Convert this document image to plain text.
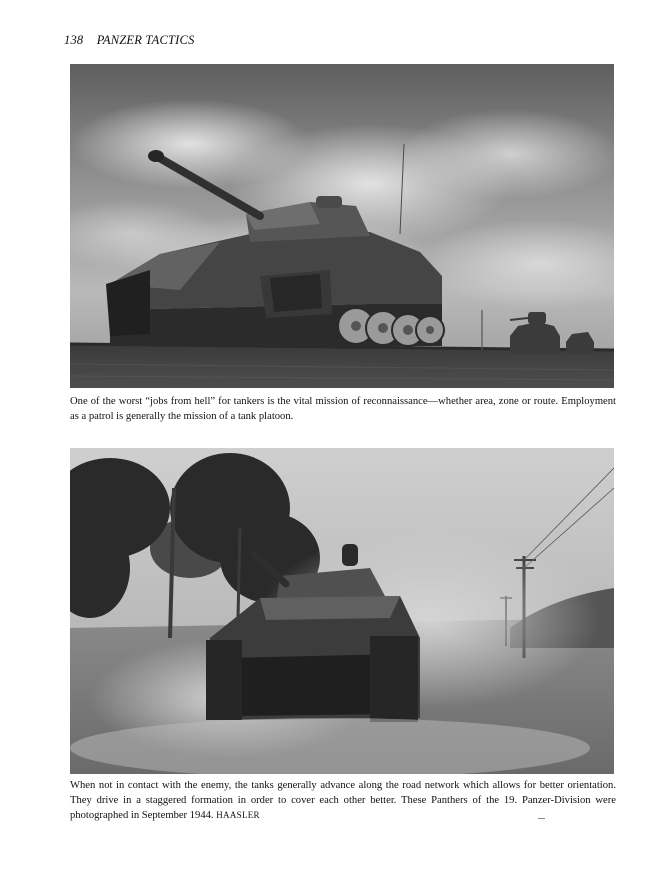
138 PANZER TACTICS
One of the worst “jobs from hell” for tankers is the vital mission of reconnaissance—whether area, zone or route. Employment as a patrol is generally the mission of a tank platoon.
When not in contact with the enemy, the tanks generally advance along the road network which allows for better orientation. They drive in a staggered formation in order to cover each other better. These Panthers of the 19. Panzer-Division were photographed in September 1944. HAASLER
